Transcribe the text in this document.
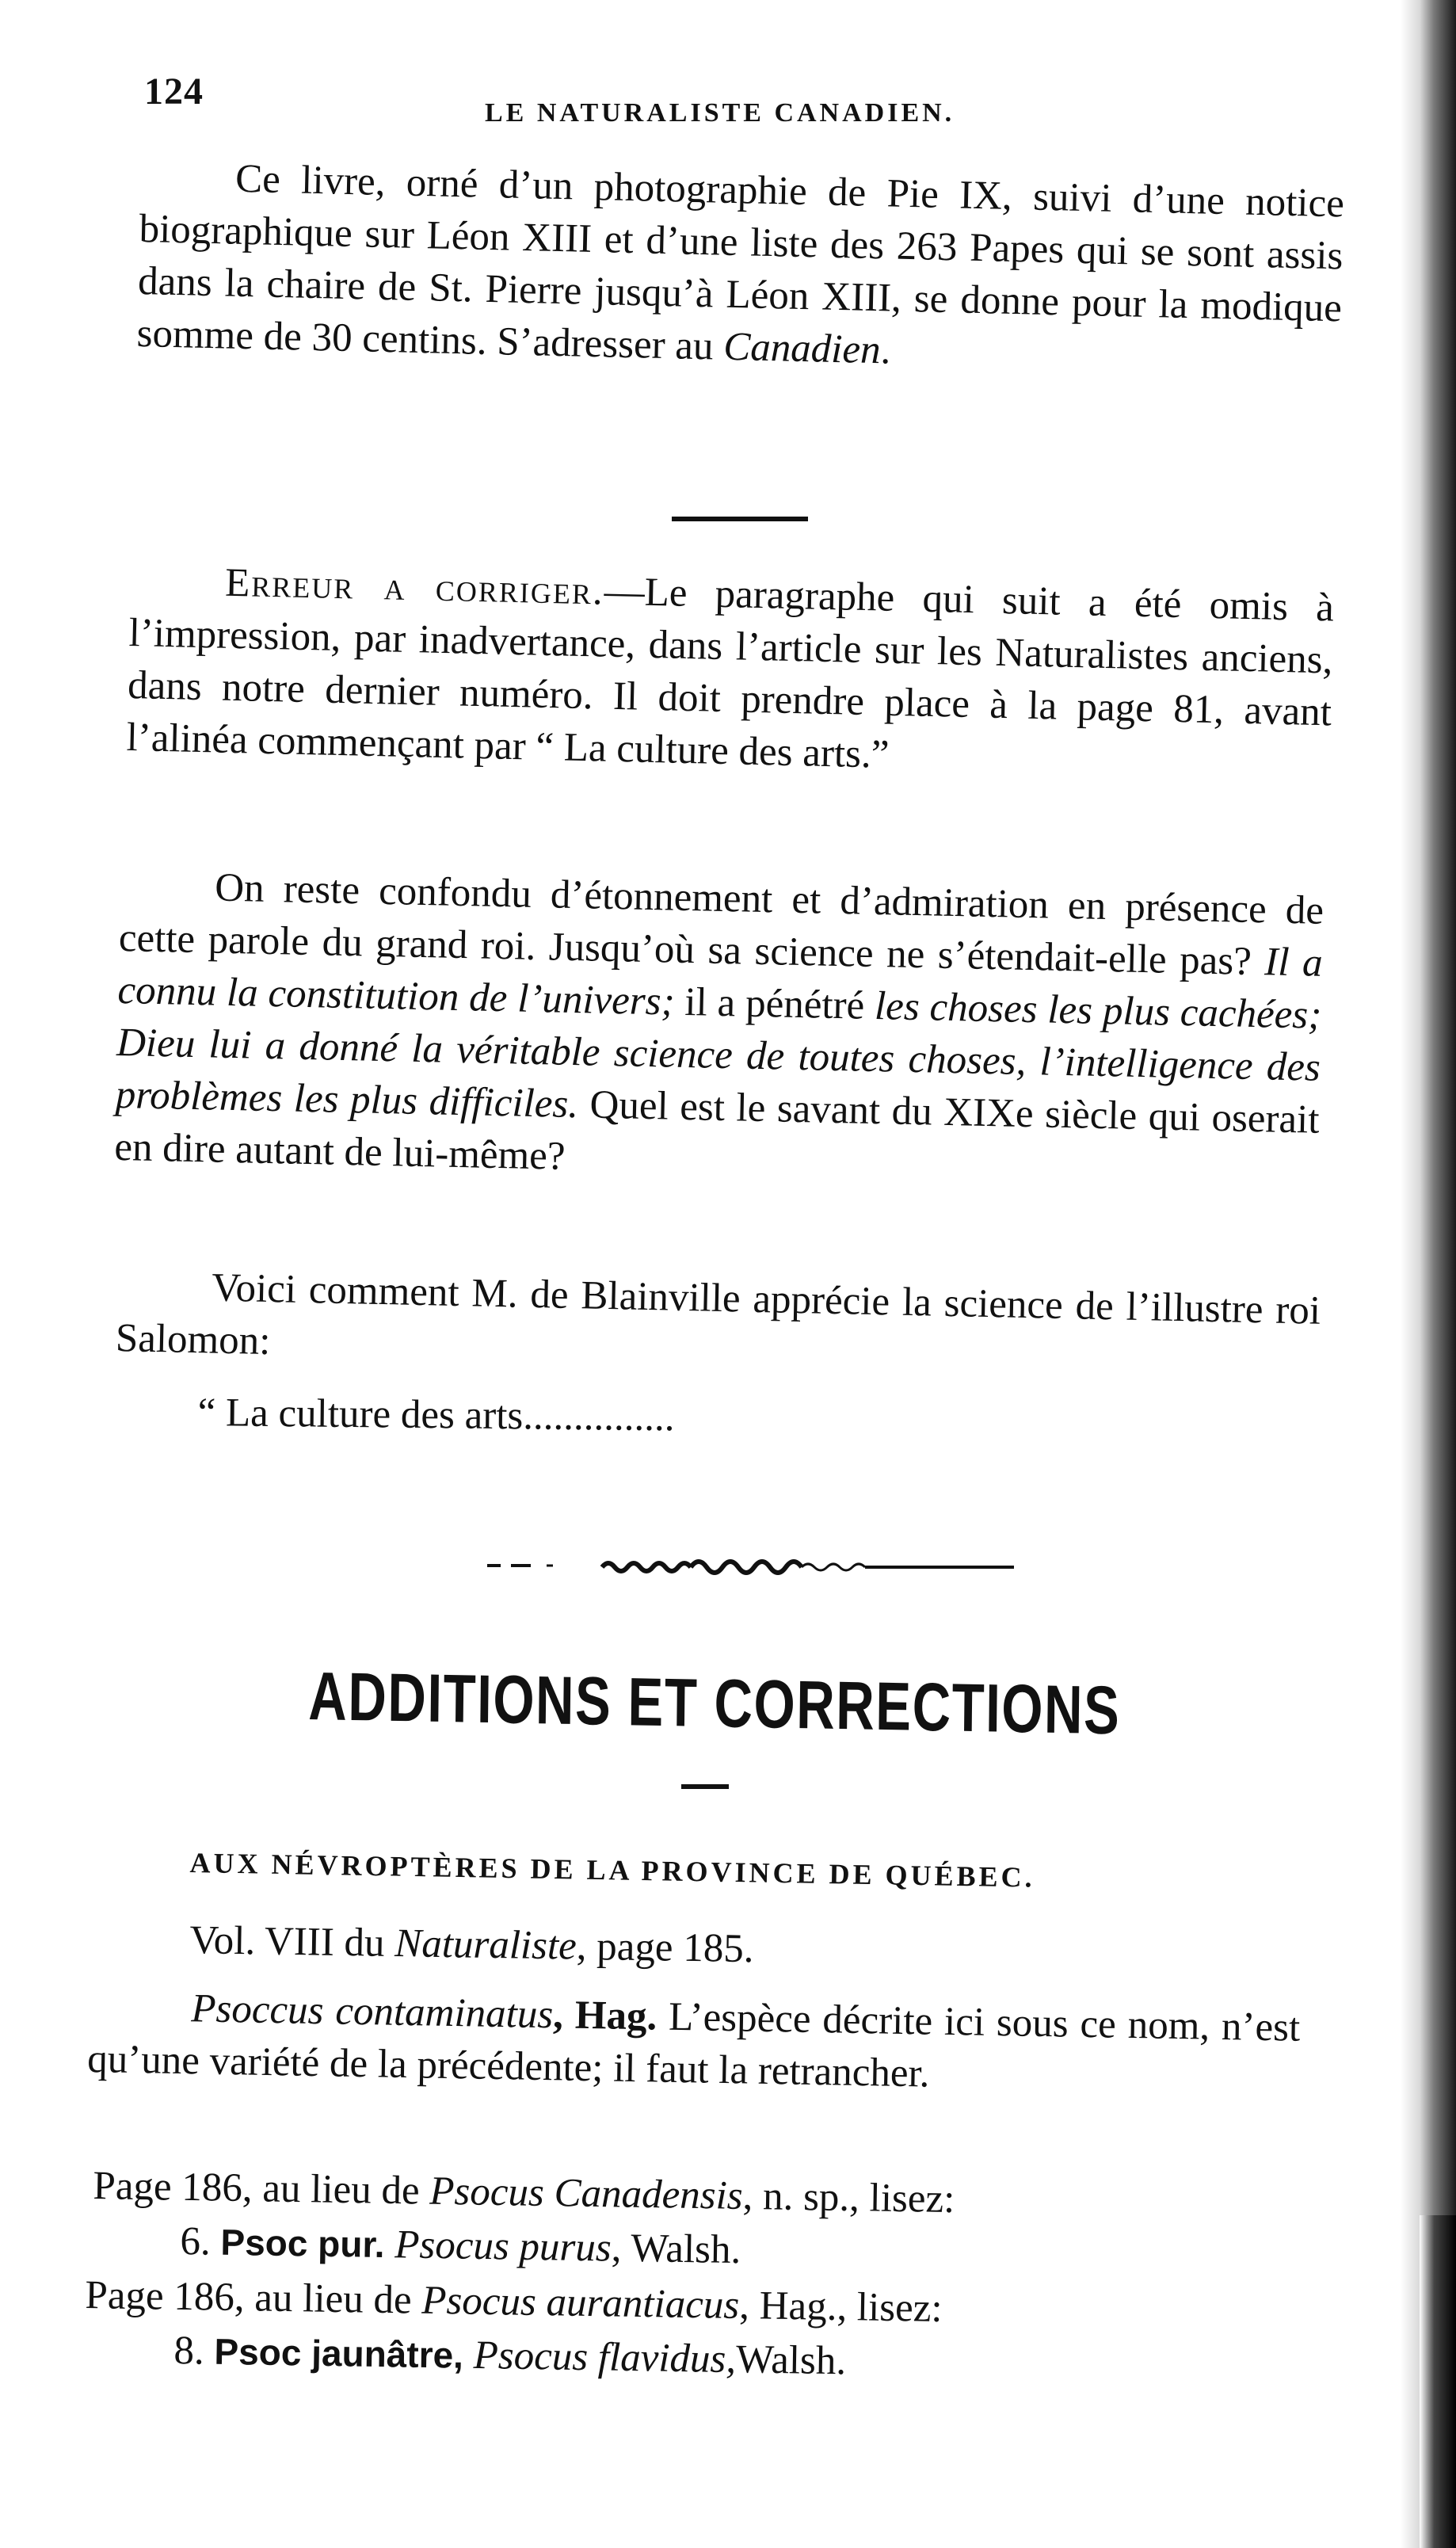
124
LE NATURALISTE CANADIEN.

Ce livre, orné d’un photographie de Pie IX, suivi d’une notice biographique sur Léon XIII et d’une liste des 263 Papes qui se sont assis dans la chaire de St. Pierre jusqu’à Léon XIII, se donne pour la modique somme de 30 centins. S’adresser au Canadien.

Erreur a corriger.—Le paragraphe qui suit a été omis à l’impression, par inadvertance, dans l’article sur les Naturalistes anciens, dans notre dernier numéro. Il doit prendre place à la page 81, avant l’alinéa commençant par “ La culture des arts.”

On reste confondu d’étonnement et d’admiration en présence de cette parole du grand roi. Jusqu’où sa science ne s’étendait-elle pas? Il a connu la constitution de l’univers; il a pénétré les choses les plus cachées; Dieu lui a donné la véritable science de toutes choses, l’intelligence des problèmes les plus difficiles. Quel est le savant du XIXe siècle qui oserait en dire autant de lui-même?

Voici comment M. de Blainville apprécie la science de l’illustre roi Salomon:

“ La culture des arts...............

ADDITIONS ET CORRECTIONS
AUX NÉVROPTÈRES DE LA PROVINCE DE QUÉBEC.
Vol. VIII du Naturaliste, page 185.

Psoccus contaminatus, Hag. L’espèce décrite ici sous ce nom, n’est qu’une variété de la précédente; il faut la retrancher.

Page 186, au lieu de Psocus Canadensis, n. sp., lisez:
6. Psoc pur. Psocus purus, Walsh.
Page 186, au lieu de Psocus aurantiacus, Hag., lisez:
8. Psoc jaunâtre, Psocus flavidus,Walsh.
